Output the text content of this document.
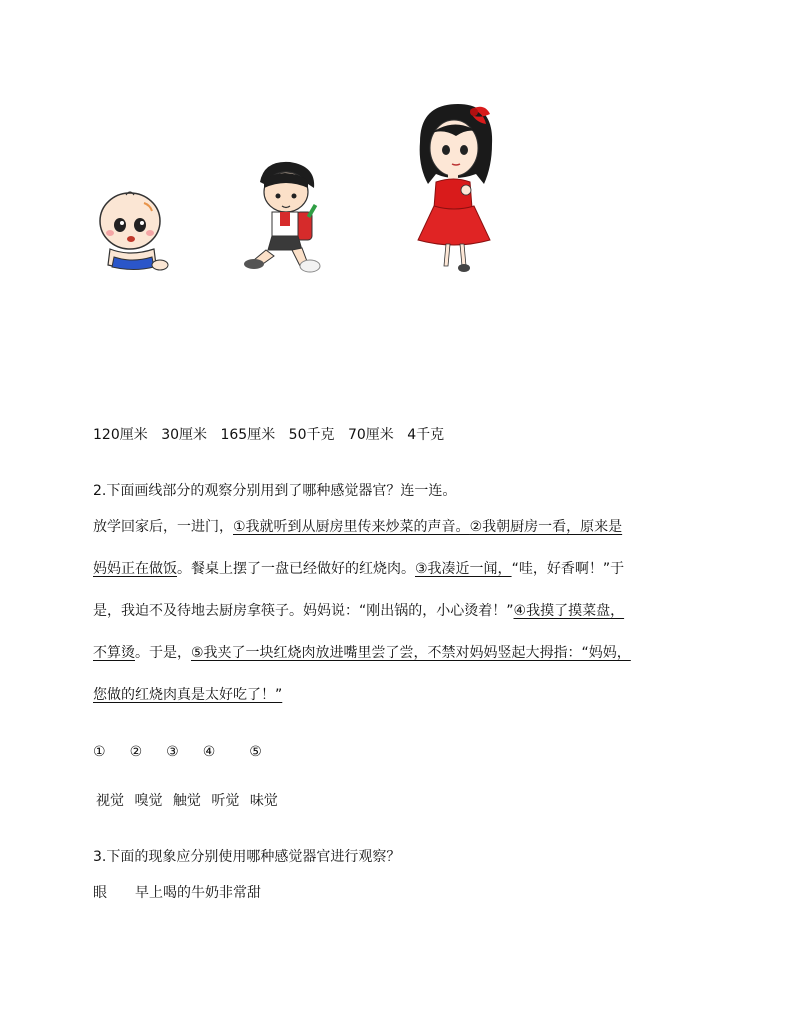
120厘米 30厘米 165厘米 50千克 70厘米 4千克
2.下面画线部分的观察分别用到了哪种感觉器官？连一连。
放学回家后，一进门，①我就听到从厨房里传来炒菜的声音。②我朝厨房一看，原来是
妈妈正在做饭。餐桌上摆了一盘已经做好的红烧肉。③我凑近一闻，“哇，好香啊！”于
是，我迫不及待地去厨房拿筷子。妈妈说：“刚出锅的，小心烫着！”④我摸了摸菜盘，
不算烫。于是，⑤我夹了一块红烧肉放进嘴里尝了尝，不禁对妈妈竖起大拇指：“妈妈，
您做的红烧肉真是太好吃了！”
① ② ③ ④ ⑤
视觉 嗅觉 触觉 听觉 味觉
3.下面的现象应分别使用哪种感觉器官进行观察？
眼 早上喝的牛奶非常甜
